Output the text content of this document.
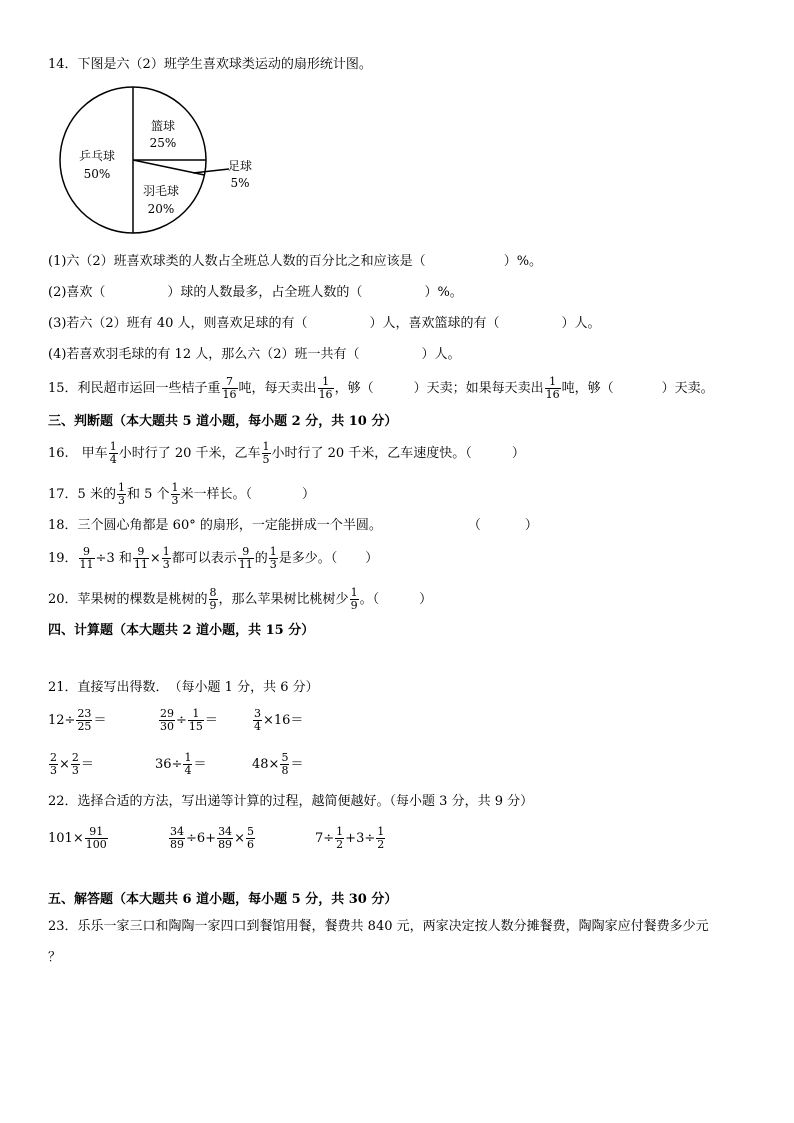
14．下图是六（2）班学生喜欢球类运动的扇形统计图。
乒乓球
50%
篮球
25%
羽毛球
20%
足球
5%
(1)六（2）班喜欢球类的人数占全班总人数的百分比之和应该是（	）%。
(2)喜欢（	）球的人数最多，占全班人数的（	）%。
(3)若六（2）班有 40 人，则喜欢足球的有（	）人，喜欢篮球的有（	）人。
(4)若喜欢羽毛球的有 12 人，那么六（2）班一共有（	）人。
15．利民超市运回一些桔子重 $\frac{7}{16}$ 吨，每天卖出 $\frac{1}{16}$ ，够（	）天卖；如果每天卖出 $\frac{1}{16}$ 吨，够（	）天卖。
三、判断题（本大题共 5 道小题，每小题 2 分，共 10 分）
16.　甲车 $\frac{1}{4}$ 小时行了 20 千米，乙车 $\frac{1}{5}$ 小时行了 20 千米，乙车速度快。（	）
17．5 米的 $\frac{1}{3}$ 和 5 个 $\frac{1}{3}$ 米一样长。（	）
18．三个圆心角都是 60° 的扇形，一定能拼成一个半圆。	（	）
19． $\frac{9}{11} \div 3$ 和 $\frac{9}{11} \times \frac{1}{3}$ 都可以表示 $\frac{9}{11}$ 的 $\frac{1}{3}$ 是多少。（ ）
20．苹果树的棵数是桃树的 $\frac{8}{9}$ ，那么苹果树比桃树少 $\frac{1}{9}$ 。（	）
四、计算题（本大题共 2 道小题，共 15 分）
21．直接写出得数．　（每小题 1 分，共 6 分）
$12\div \frac{23}{25}$ ＝	$\frac{29}{30} \div \frac{1}{15}$ ＝	$\frac{3}{4} \times 16=$
$\frac{2}{3} \times \frac{2}{3}$ ＝	$36\div \frac{1}{4}$ ＝	$48\times \frac{5}{8}$ ＝
22．选择合适的方法，写出递等计算的过程，越简便越好。（每小题 3 分，共 9 分）
$101\times \frac{91}{100}$	$\frac{34}{89} \div 6+ \frac{34}{89} \times \frac{5}{6}$	$7\div \frac{1}{2} +3\div \frac{1}{2}$
五、解答题（本大题共 6 道小题，每小题 5 分，共 30 分）
23．乐乐一家三口和陶陶一家四口到餐馆用餐，餐费共 840 元，两家决定按人数分摊餐费，陶陶家应付餐费多少元
？
